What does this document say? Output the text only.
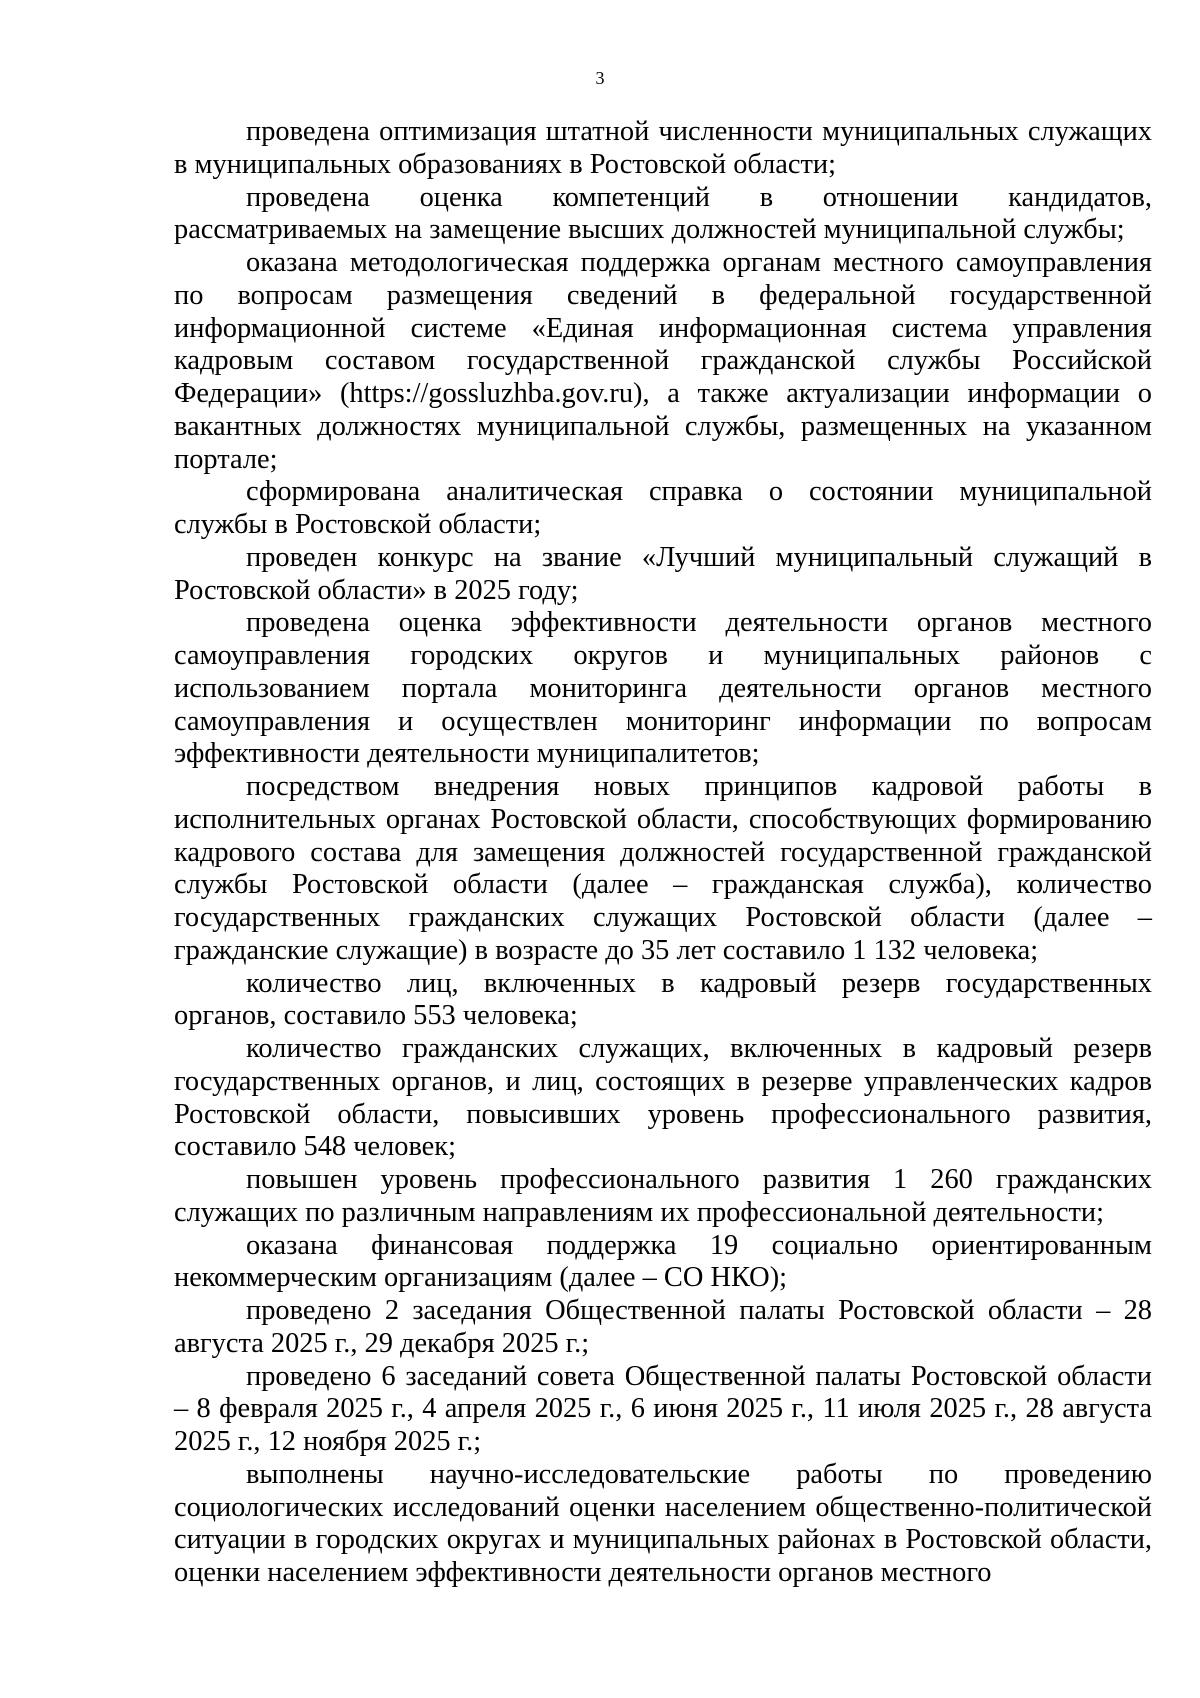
3

проведена оптимизация штатной численности муниципальных служащих в муниципальных образованиях в Ростовской области;

проведена оценка компетенций в отношении кандидатов, рассматриваемых на замещение высших должностей муниципальной службы;

оказана методологическая поддержка органам местного самоуправления по вопросам размещения сведений в федеральной государственной информационной системе «Единая информационная система управления кадровым составом государственной гражданской службы Российской Федерации» (https://gossluzhba.gov.ru), а также актуализации информации о вакантных должностях муниципальной службы, размещенных на указанном портале;

сформирована аналитическая справка о состоянии муниципальной службы в Ростовской области;

проведен конкурс на звание «Лучший муниципальный служащий в Ростовской области» в 2025 году;

проведена оценка эффективности деятельности органов местного самоуправления городских округов и муниципальных районов с использованием портала мониторинга деятельности органов местного самоуправления и осуществлен мониторинг информации по вопросам эффективности деятельности муниципалитетов;

посредством внедрения новых принципов кадровой работы в исполнительных органах Ростовской области, способствующих формированию кадрового состава для замещения должностей государственной гражданской службы Ростовской области (далее – гражданская служба), количество государственных гражданских служащих Ростовской области (далее – гражданские служащие) в возрасте до 35 лет составило 1 132 человека;

количество лиц, включенных в кадровый резерв государственных органов, составило 553 человека;

количество гражданских служащих, включенных в кадровый резерв государственных органов, и лиц, состоящих в резерве управленческих кадров Ростовской области, повысивших уровень профессионального развития, составило 548 человек;

повышен уровень профессионального развития 1 260 гражданских служащих по различным направлениям их профессиональной деятельности;

оказана финансовая поддержка 19 социально ориентированным некоммерческим организациям (далее – СО НКО);

проведено 2 заседания Общественной палаты Ростовской области – 28 августа 2025 г., 29 декабря 2025 г.;

проведено 6 заседаний совета Общественной палаты Ростовской области – 8 февраля 2025 г., 4 апреля 2025 г., 6 июня 2025 г., 11 июля 2025 г., 28 августа 2025 г., 12 ноября 2025 г.;

выполнены научно-исследовательские работы по проведению социологических исследований оценки населением общественно-политической ситуации в городских округах и муниципальных районах в Ростовской области, оценки населением эффективности деятельности органов местного
